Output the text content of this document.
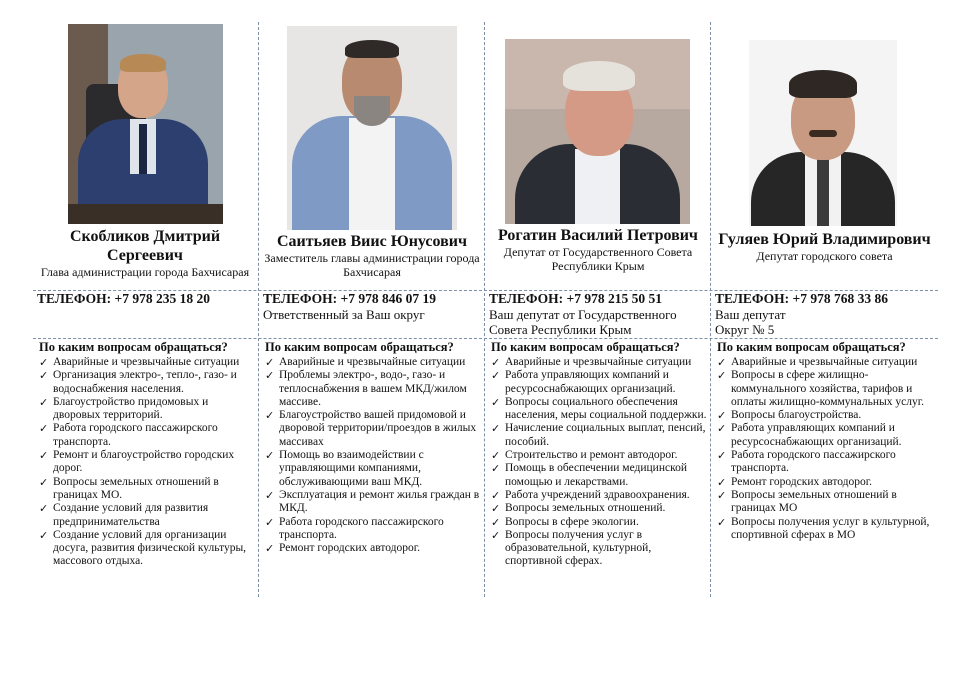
Скобликов Дмитрий Сергеевич
Глава администрации города Бахчисарая
ТЕЛЕФОН: +7 978 235 18 20
По каким вопросам обращаться?
✓ Аварийные и чрезвычайные ситуации
✓ Организация электро-, тепло-, газо- и водоснабжения населения.
✓ Благоустройство придомовых и дворовых территорий.
✓ Работа городского пассажирского транспорта.
✓ Ремонт и благоустройство городских дорог.
✓ Вопросы земельных отношений в границах МО.
✓ Создание условий для развития предпринимательства
✓ Создание условий для организации досуга, развития физической культуры, массового отдыха.
Саитьяев Виис Юнусович
Заместитель главы администрации города Бахчисарая
ТЕЛЕФОН: +7 978 846 07 19
Ответственный за Ваш округ
По каким вопросам обращаться?
✓ Аварийные и чрезвычайные ситуации
✓ Проблемы электро-, водо-, газо- и теплоснабжения в вашем МКД/жилом массиве.
✓ Благоустройство вашей придомовой и дворовой территории/проездов в жилых массивах
✓ Помощь во взаимодействии с управляющими компаниями, обслуживающими ваш МКД.
✓ Эксплуатация и ремонт жилья граждан в МКД.
✓ Работа городского пассажирского транспорта.
✓ Ремонт городских автодорог.
Рогатин Василий Петрович
Депутат от Государственного Совета Республики Крым
ТЕЛЕФОН: +7 978 215 50 51
Ваш депутат от Государственного Совета Республики Крым
По каким вопросам обращаться?
✓ Аварийные и чрезвычайные ситуации
✓ Работа управляющих компаний и ресурсоснабжающих организаций.
✓ Вопросы социального обеспечения населения, меры социальной поддержки.
✓ Начисление социальных выплат, пенсий, пособий.
✓ Строительство и ремонт автодорог.
✓ Помощь в обеспечении медицинской помощью и лекарствами.
✓ Работа учреждений здравоохранения.
✓ Вопросы земельных отношений.
✓ Вопросы в сфере экологии.
✓ Вопросы получения услуг в образовательной, культурной, спортивной сферах.
Гуляев Юрий Владимирович
Депутат городского совета
ТЕЛЕФОН: +7 978 768 33 86
Ваш депутат
Округ № 5
По каким вопросам обращаться?
✓ Аварийные и чрезвычайные ситуации
✓ Вопросы в сфере жилищно-коммунального хозяйства, тарифов и оплаты жилищно-коммунальных услуг.
✓ Вопросы благоустройства.
✓ Работа управляющих компаний и ресурсоснабжающих организаций.
✓ Работа городского пассажирского транспорта.
✓ Ремонт городских автодорог.
✓ Вопросы земельных отношений в границах МО
✓ Вопросы получения услуг в культурной, спортивной сферах в МО
